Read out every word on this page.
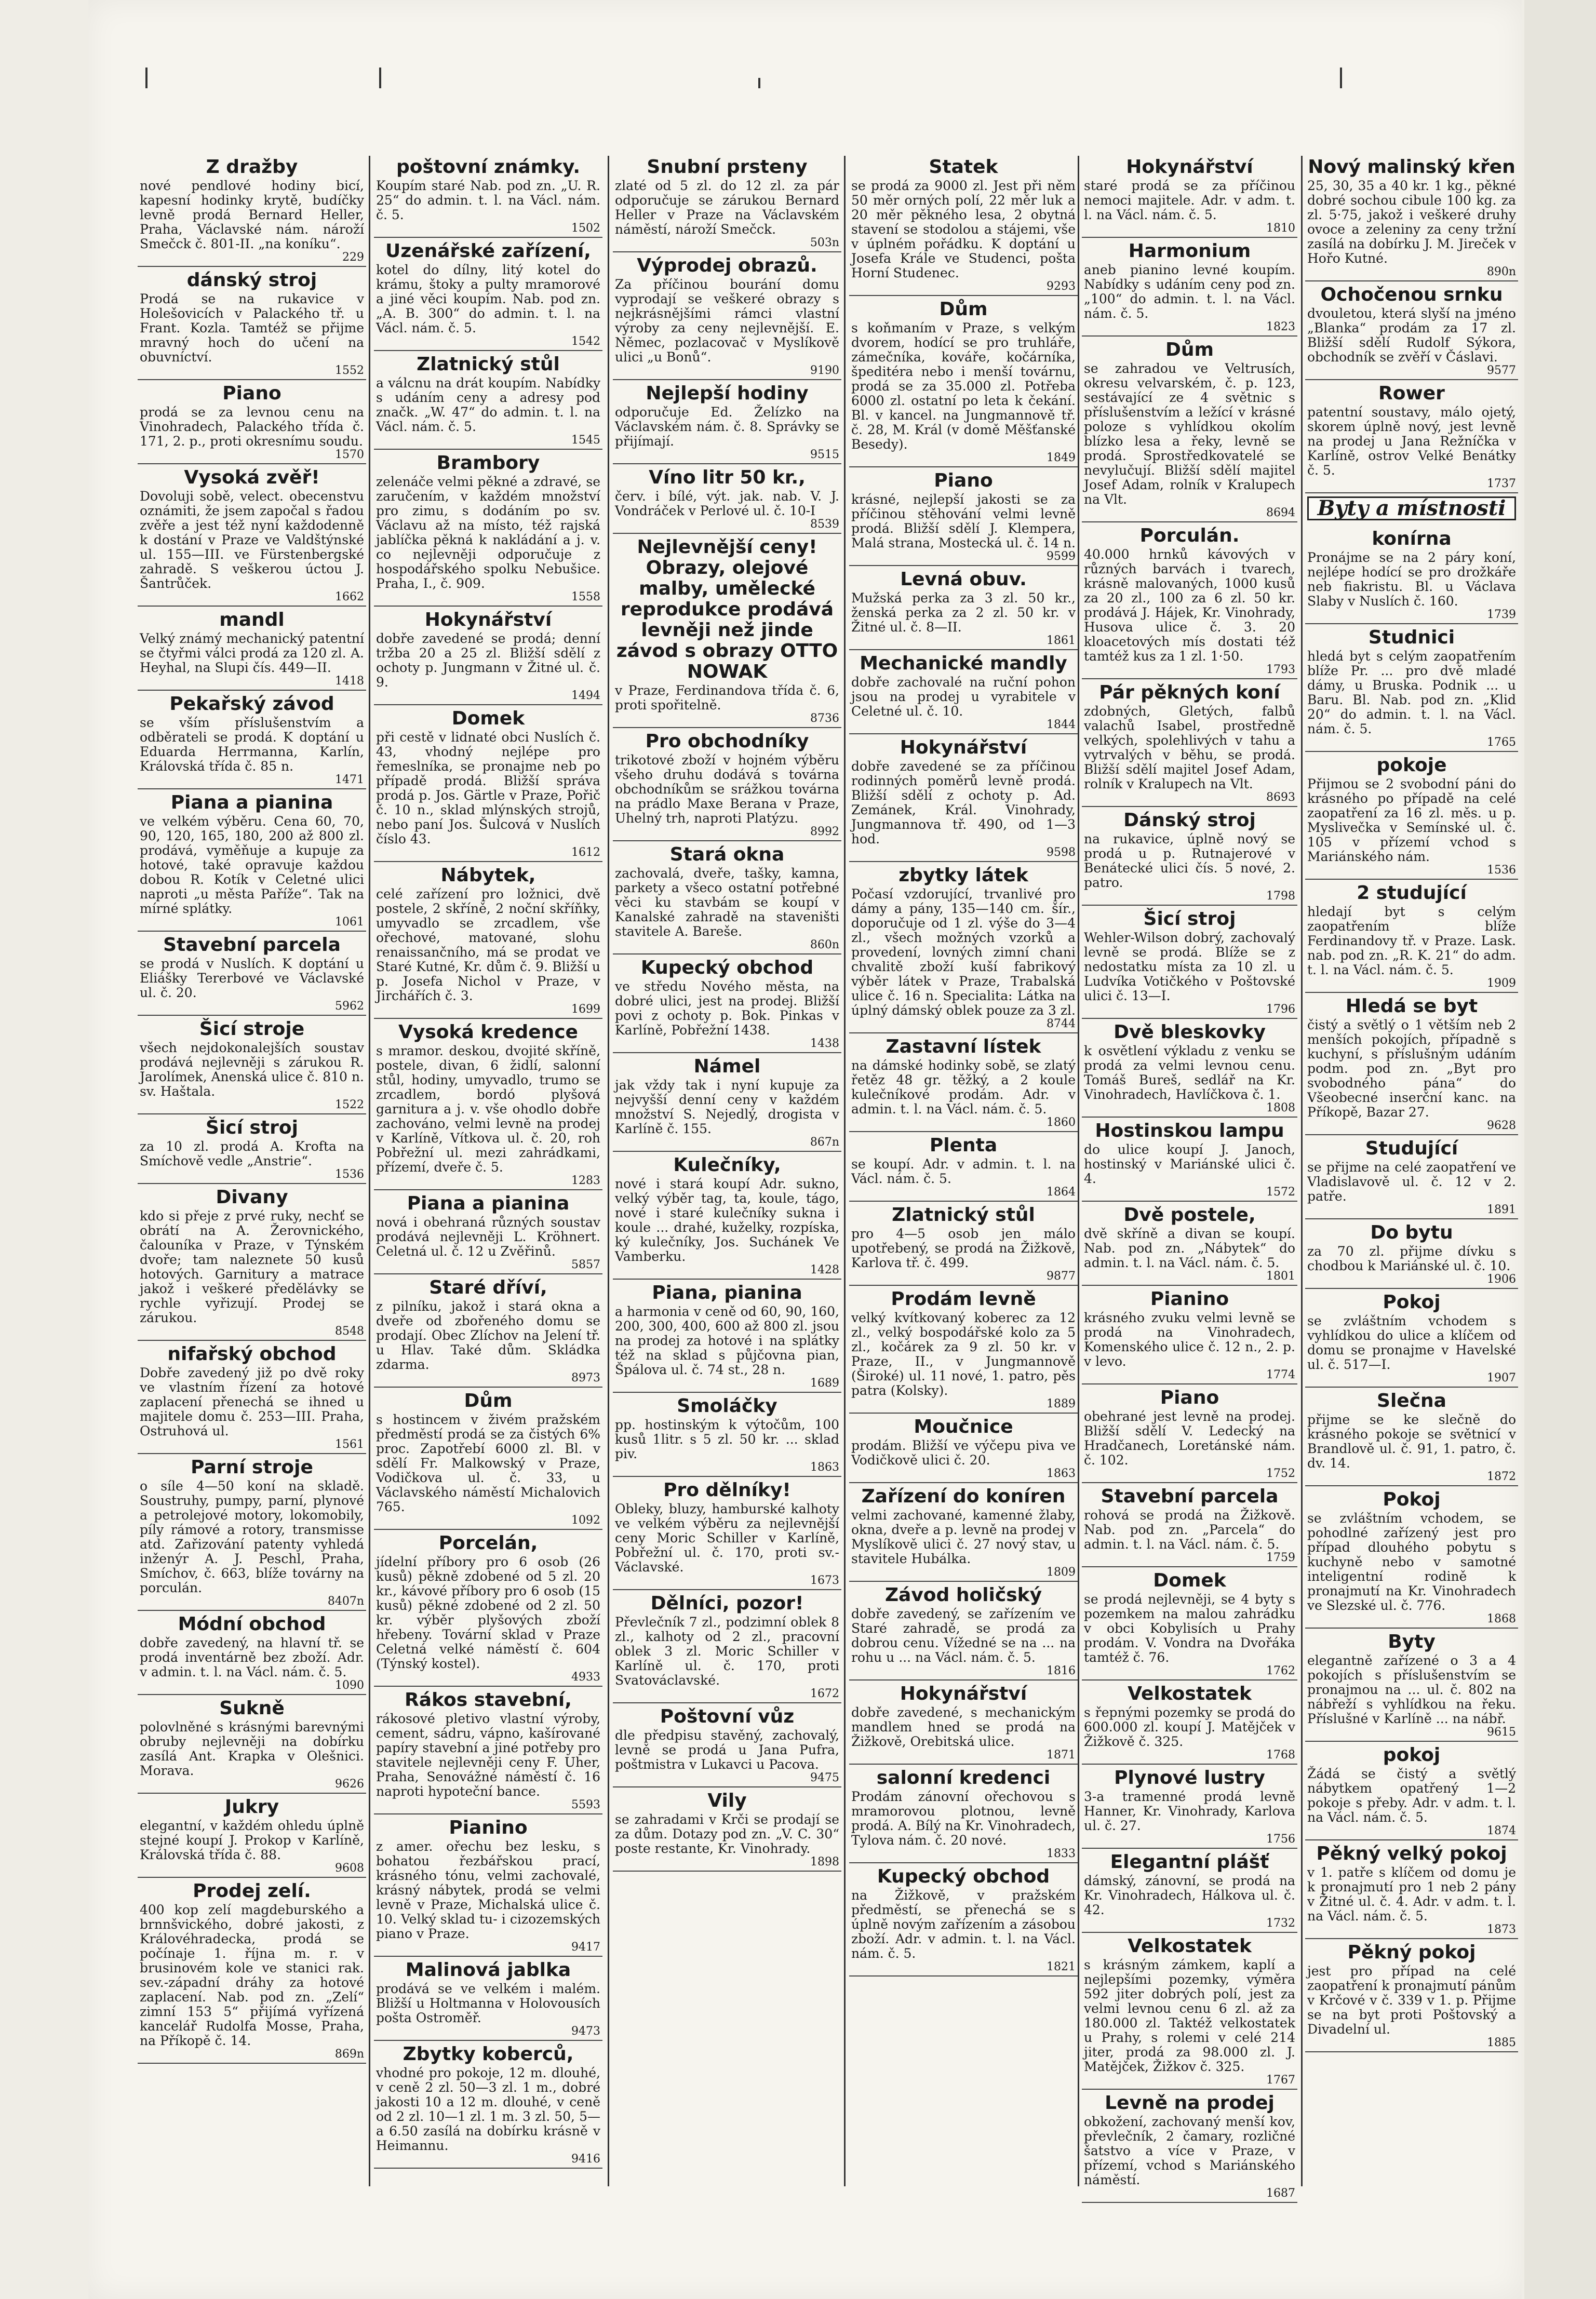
Z dražby
nové pendlové hodiny bicí, kapesní hodinky krytě, budíčky levně prodá Bernard Heller, Praha, Václavské nám. nároží Smečck č. 801-II. „na koníku“.
229
dánský stroj
Prodá se na rukavice v Holešovicích v Palackého tř. u Frant. Kozla. Tamtéž se přijme mravný hoch do učení na obuvníctví.
1552
Piano
prodá se za levnou cenu na Vinohradech, Palackého třída č. 171, 2. p., proti okresnímu soudu.
1570
Vysoká zvěř!
Dovoluji sobě, velect. obecenstvu oznámiti, že jsem započal s řadou zvěře a jest též nyní každodenně k dostání v Praze ve Valdštýnské ul. 155—III. ve Fürstenbergské zahradě. S veškerou úctou J. Šantrůček.
1662
mandl
Velký známý mechanický patentní se čtyřmi válci prodá za 120 zl. A. Heyhal, na Slupi čís. 449—II.
1418
Pekařský závod
se vším příslušenstvím a odběrateli se prodá. K doptání u Eduarda Herrmanna, Karlín, Královská třída č. 85 n.
1471
Piana a pianina
ve velkém výběru. Cena 60, 70, 90, 120, 165, 180, 200 až 800 zl. prodává, vyměňuje a kupuje za hotové, také opravuje každou dobou R. Kotík v Celetné ulici naproti „u města Paříže“. Tak na mírné splátky.
1061
Stavební parcela
se prodá v Nuslích. K doptání u Eliášky Tererbové ve Václavské ul. č. 20.
5962
Šicí stroje
všech nejdokonalejších soustav prodává nejlevněji s zárukou R. Jarolímek, Anenská ulice č. 810 n. sv. Haštala.
1522
Šicí stroj
za 10 zl. prodá A. Krofta na Smíchově vedle „Anstrie“.
1536
Divany
kdo si přeje z prvé ruky, nechť se obrátí na A. Žerovnického, čalouníka v Praze, v Týnském dvoře; tam naleznete 50 kusů hotových. Garnitury a matrace jakož i veškeré předělávky se rychle vyřizují. Prodej se zárukou.
8548
nifařský obchod
Dobře zavedený již po dvě roky ve vlastním řízení za hotové zaplacení přenechá se ihned u majitele domu č. 253—III. Praha, Ostruhová ul.
1561
Parní stroje
o síle 4—50 koní na skladě. Soustruhy, pumpy, parní, plynové a petrolejové motory, lokomobily, píly rámové a rotory, transmisse atd. Zařizování patenty vyhledá inženýr A. J. Peschl, Praha, Smíchov, č. 663, blíže továrny na porculán.
8407n
Módní obchod
dobře zavedený, na hlavní tř. se prodá inventárně bez zboží. Adr. v admin. t. l. na Václ. nám. č. 5.
1090
Sukně
polovlněné s krásnými barevnými obruby nejlevněji na dobírku zasílá Ant. Krapka v Olešnici. Morava.
9626
Jukry
elegantní, v každém ohledu úplně stejné koupí J. Prokop v Karlíně, Královská třída č. 88.
9608
Prodej zelí.
400 kop zelí magdeburského a brnnšvického, dobré jakosti, z Královéhradecka, prodá se počínaje 1. října m. r. v brusinovém kole ve stanici rak. sev.-západní dráhy za hotové zaplacení. Nab. pod zn. „Zelí“ zimní 153 5“ přijímá vyřízená kancelář Rudolfa Mosse, Praha, na Příkopě č. 14.
869n
poštovní známky.
Koupím staré Nab. pod zn. „U. R. 25“ do admin. t. l. na Václ. nám. č. 5.
1502
Uzenářské zařízení,
kotel do dílny, litý kotel do krámu, štoky a pulty mramorové a jiné věci koupím. Nab. pod zn. „A. B. 300“ do admin. t. l. na Václ. nám. č. 5.
1542
Zlatnický stůl
a válcnu na drát koupím. Nabídky s udáním ceny a adresy pod značk. „W. 47“ do admin. t. l. na Václ. nám. č. 5.
1545
Brambory
zelenáče velmi pěkné a zdravé, se zaručením, v každém množství pro zimu, s dodáním po sv. Václavu až na místo, též rajská jablíčka pěkná k nakládání a j. v. co nejlevněji odporučuje z hospodářského spolku Nebušice. Praha, I., č. 909.
1558
Hokynářství
dobře zavedené se prodá; denní tržba 20 a 25 zl. Bližší sdělí z ochoty p. Jungmann v Žitné ul. č. 9.
1494
Domek
při cestě v lidnaté obci Nuslích č. 43, vhodný nejlépe pro řemeslníka, se pronajme neb po případě prodá. Bližší správa prodá p. Jos. Gärtle v Praze, Pořič č. 10 n., sklad mlýnských strojů, nebo paní Jos. Šulcová v Nuslích číslo 43.
1612
Nábytek,
celé zařízení pro ložnici, dvě postele, 2 skříně, 2 noční skříňky, umyvadlo se zrcadlem, vše ořechové, matované, slohu renaissančního, má se prodat ve Staré Kutné, Kr. dům č. 9. Bližší u p. Josefa Nichol v Praze, v Jirchářích č. 3.
1699
Vysoká kredence
s mramor. deskou, dvojité skříně, postele, divan, 6 židlí, salonní stůl, hodiny, umyvadlo, trumo se zrcadlem, bordó plyšová garnitura a j. v. vše ohodlo dobře zachováno, velmi levně na prodej v Karlíně, Vítkova ul. č. 20, roh Pobřežní ul. mezi zahrádkami, přízemí, dveře č. 5.
1283
Piana a pianina
nová i obehraná různých soustav prodává nejlevněji L. Kröhnert. Celetná ul. č. 12 u Zvěřinů.
5857
Staré dříví,
z pilníku, jakož i stará okna a dveře od zbořeného domu se prodají. Obec Zlíchov na Jelení tř. u Hlav. Také dům. Skládka zdarma.
8973
Dům
s hostincem v živém pražském předměstí prodá se za čistých 6% proc. Zapotřebí 6000 zl. Bl. v sdělí Fr. Malkowský v Praze, Vodičkova ul. č. 33, u Václavského náměstí Michalovich 765.
1092
Porcelán,
jídelní příbory pro 6 osob (26 kusů) pěkně zdobené od 5 zl. 20 kr., kávové příbory pro 6 osob (15 kusů) pěkné zdobené od 2 zl. 50 kr. výběr plyšových zboží hřebeny. Tovární sklad v Praze Celetná velké náměstí č. 604 (Týnský kostel).
4933
Rákos stavební,
rákosové pletivo vlastní výroby, cement, sádru, vápno, kašírované papíry stavební a jiné potřeby pro stavitele nejlevněji ceny F. Uher, Praha, Senovážné náměstí č. 16 naproti hypoteční bance.
5593
Pianino
z amer. ořechu bez lesku, s bohatou řezbářskou prací, krásného tónu, velmi zachovalé, krásný nábytek, prodá se velmi levně v Praze, Michalská ulice č. 10. Velký sklad tu- i cizozemských piano v Praze.
9417
Malinová jablka
prodává se ve velkém i malém. Bližší u Holtmanna v Holovousích pošta Ostroměř.
9473
Zbytky koberců,
vhodné pro pokoje, 12 m. dlouhé, v ceně 2 zl. 50—3 zl. 1 m., dobré jakosti 10 a 12 m. dlouhé, v ceně od 2 zl. 10—1 zl. 1 m. 3 zl. 50, 5— a 6.50 zasílá na dobírku krásně v Heimannu.
9416
Snubní prsteny
zlaté od 5 zl. do 12 zl. za pár odporučuje se zárukou Bernard Heller v Praze na Václavském náměstí, nároží Smečck.
503n
Výprodej obrazů.
Za příčinou bourání domu vyprodají se veškeré obrazy s nejkrásnějšími rámci vlastní výroby za ceny nejlevnější. E. Němec, pozlacovač v Myslíkově ulici „u Bonů“.
9190
Nejlepší hodiny
odporučuje Ed. Želízko na Václavském nám. č. 8. Správky se přijímají.
9515
Víno litr 50 kr.,
červ. i bílé, výt. jak. nab. V. J. Vondráček v Perlové ul. č. 10-I
8539
Nejlevnější ceny! Obrazy, olejové malby, umělecké reprodukce prodává levněji než jinde závod s obrazy OTTO NOWAK
v Praze, Ferdinandova třída č. 6, proti spořitelně.
8736
Pro obchodníky
trikotové zboží v hojném výběru všeho druhu dodává s továrna obchodníkům se srážkou továrna na prádlo Maxe Berana v Praze, Uhelný trh, naproti Platýzu.
8992
Stará okna
zachovalá, dveře, tašky, kamna, parkety a všeco ostatní potřebné věci ku stavbám se koupí v Kanalské zahradě na staveništi stavitele A. Bareše.
860n
Kupecký obchod
ve středu Nového města, na dobré ulici, jest na prodej. Bližší povi z ochoty p. Bok. Pinkas v Karlíně, Pobřežní 1438.
1438
Námel
jak vždy tak i nyní kupuje za nejvyšší denní ceny v každém množství S. Nejedlý, drogista v Karlíně č. 155.
867n
Kulečníky,
nové i stará koupí Adr. sukno, velký výběr tag, ta, koule, tágo, nové i staré kulečníky sukna i koule ... drahé, kuželky, rozpíska, ký kulečníky, Jos. Suchánek Ve Vamberku.
1428
Piana, pianina
a harmonia v ceně od 60, 90, 160, 200, 300, 400, 600 až 800 zl. jsou na prodej za hotové i na splátky též na sklad s půjčovna pian, Špálova ul. č. 74 st., 28 n.
1689
Smoláčky
pp. hostinským k výtočům, 100 kusů 1litr. s 5 zl. 50 kr. ... sklad piv.
1863
Pro dělníky!
Obleky, bluzy, hamburské kalhoty ve velkém výběru za nejlevnější ceny Moric Schiller v Karlíně, Pobřežní ul. č. 170, proti sv.-Václavské.
1673
Dělníci, pozor!
Převlečník 7 zl., podzimní oblek 8 zl., kalhoty od 2 zl., pracovní oblek 3 zl. Moric Schiller v Karlíně ul. č. 170, proti Svatováclavské.
1672
Poštovní vůz
dle předpisu stavěný, zachovalý, levně se prodá u Jana Pufra, poštmistra v Lukavci u Pacova.
9475
Vily
se zahradami v Krči se prodají se za dům. Dotazy pod zn. „V. C. 30“ poste restante, Kr. Vinohrady.
1898
Statek
se prodá za 9000 zl. Jest při něm 50 měr orných polí, 22 měr luk a 20 měr pěkného lesa, 2 obytná stavení se stodolou a stájemi, vše v úplném pořádku. K doptání u Josefa Krále ve Studenci, pošta Horní Studenec.
9293
Dům
s koňmaním v Praze, s velkým dvorem, hodící se pro truhláře, zámečníka, kováře, kočárníka, špeditéra nebo i menší továrnu, prodá se za 35.000 zl. Potřeba 6000 zl. ostatní po leta k čekání. Bl. v kancel. na Jungmannově tř. č. 28, M. Král (v domě Měšťanské Besedy).
1849
Piano
krásné, nejlepší jakosti se za příčinou stěhování velmi levně prodá. Bližší sdělí J. Klempera, Malá strana, Mostecká ul. č. 14 n.
9599
Levná obuv.
Mužská perka za 3 zl. 50 kr., ženská perka za 2 zl. 50 kr. v Žitné ul. č. 8—II.
1861
Mechanické mandly
dobře zachovalé na ruční pohon jsou na prodej u vyrabitele v Celetné ul. č. 10.
1844
Hokynářství
dobře zavedené se za příčinou rodinných poměrů levně prodá. Bližší sdělí z ochoty p. Ad. Zemánek, Král. Vinohrady, Jungmannova tř. 490, od 1—3 hod.
9598
zbytky látek
Počasí vzdorující, trvanlivé pro dámy a pány, 135—140 cm. šír., doporučuje od 1 zl. výše do 3—4 zl., všech možných vzorků a provedení, lovných zimní chani chvalitě zboží kuší fabrikový výběr látek v Praze, Trabalská ulice č. 16 n. Specialita: Látka na úplný dámský oblek pouze za 3 zl.
8744
Zastavní lístek
na dámské hodinky sobě, se zlatý řetěz 48 gr. těžký, a 2 koule kulečníkové prodám. Adr. v admin. t. l. na Václ. nám. č. 5.
1860
Plenta
se koupí. Adr. v admin. t. l. na Václ. nám. č. 5.
1864
Zlatnický stůl
pro 4—5 osob jen málo upotřebený, se prodá na Žižkově, Karlova tř. č. 499.
9877
Prodám levně
velký kvítkovaný koberec za 12 zl., velký bospodářské kolo za 5 zl., kočárek za 9 zl. 50 kr. v Praze, II., v Jungmannově (Široké) ul. 11 nové, 1. patro, pěs patra (Kolsky).
1889
Moučnice
prodám. Bližší ve výčepu piva ve Vodičkově ulici č. 20.
1863
Zařízení do koníren
velmi zachované, kamenné žlaby, okna, dveře a p. levně na prodej v Myslíkově ulici č. 27 nový stav, u stavitele Hubálka.
1809
Závod holičský
dobře zavedený, se zařízením ve Staré zahradě, se prodá za dobrou cenu. Vížedné se na ... na rohu u ... na Václ. nám. č. 5.
1816
Hokynářství
dobře zavedené, s mechanickým mandlem hned se prodá na Žižkově, Orebitská ulice.
1871
salonní kredenci
Prodám zánovní ořechovou s mramorovou plotnou, levně prodá. A. Bílý na Kr. Vinohradech, Tylova nám. č. 20 nové.
1833
Kupecký obchod
na Žižkově, v pražském předměstí, se přenechá se s úplně novým zařízením a zásobou zboží. Adr. v admin. t. l. na Václ. nám. č. 5.
1821
Hokynářství
staré prodá se za příčinou nemoci majitele. Adr. v adm. t. l. na Václ. nám. č. 5.
1810
Harmonium
aneb pianino levné koupím. Nabídky s udáním ceny pod zn. „100“ do admin. t. l. na Václ. nám. č. 5.
1823
Dům
se zahradou ve Veltrusích, okresu velvarském, č. p. 123, sestávající ze 4 světnic s příslušenstvím a ležící v krásné poloze s vyhlídkou okolím blízko lesa a řeky, levně se prodá. Sprostředkovatelé se nevylučují. Bližší sdělí majitel Josef Adam, rolník v Kralupech na Vlt.
8694
Porculán.
40.000 hrnků kávových v různých barvách i tvarech, krásně malovaných, 1000 kusů za 20 zl., 100 za 6 zl. 50 kr. prodává J. Hájek, Kr. Vinohrady, Husova ulice č. 3. 20 kloacetových mís dostati též tamtéž kus za 1 zl. 1·50.
1793
Pár pěkných koní
zdobných, Gletých, falbů valachů Isabel, prostředně velkých, spolehlivých v tahu a vytrvalých v běhu, se prodá. Bližší sdělí majitel Josef Adam, rolník v Kralupech na Vlt.
8693
Dánský stroj
na rukavice, úplně nový se prodá u p. Rutnajerové v Benátecké ulici čís. 5 nové, 2. patro.
1798
Šicí stroj
Wehler-Wilson dobrý, zachovalý levně se prodá. Blíže se z nedostatku místa za 10 zl. u Ludvíka Votičkého v Poštovské ulici č. 13—I.
1796
Dvě bleskovky
k osvětlení výkladu z venku se prodá za velmi levnou cenu. Tomáš Bureš, sedlář na Kr. Vinohradech, Havlíčkova č. 1.
1808
Hostinskou lampu
do ulice koupí J. Janoch, hostinský v Mariánské ulici č. 4.
1572
Dvě postele,
dvě skříně a divan se koupí. Nab. pod zn. „Nábytek“ do admin. t. l. na Václ. nám. č. 5.
1801
Pianino
krásného zvuku velmi levně se prodá na Vinohradech, Komenského ulice č. 12 n., 2. p. v levo.
1774
Piano
obehrané jest levně na prodej. Bližší sdělí V. Ledecký na Hradčanech, Loretánské nám. č. 102.
1752
Stavební parcela
rohová se prodá na Žižkově. Nab. pod zn. „Parcela“ do admin. t. l. na Václ. nám. č. 5.
1759
Domek
se prodá nejlevněji, se 4 byty s pozemkem na malou zahrádku v obci Kobylisích u Prahy prodám. V. Vondra na Dvořáka tamtéž č. 76.
1762
Velkostatek
s řepnými pozemky se prodá do 600.000 zl. koupí J. Matějček v Žižkově č. 325.
1768
Plynové lustry
3-a tramenné prodá levně Hanner, Kr. Vinohrady, Karlova ul. č. 27.
1756
Elegantní plášť
dámský, zánovní, se prodá na Kr. Vinohradech, Hálkova ul. č. 42.
1732
Velkostatek
s krásným zámkem, kaplí a nejlepšími pozemky, výměra 592 jiter dobrých polí, jest za velmi levnou cenu 6 zl. až za 180.000 zl. Taktéž velkostatek u Prahy, s rolemi v celé 214 jiter, prodá za 98.000 zl. J. Matějček, Žižkov č. 325.
1767
Levně na prodej
obkožení, zachovaný menší kov, převlečník, 2 čamary, rozličné šatstvo a více v Praze, v přízemí, vchod s Mariánského náměstí.
1687
Nový malinský křen
25, 30, 35 a 40 kr. 1 kg., pěkné dobré sochou cibule 100 kg. za zl. 5·75, jakož i veškeré druhy ovoce a zeleniny za ceny tržní zasílá na dobírku J. M. Jireček v Hořo Kutné.
890n
Ochočenou srnku
dvouletou, která slyší na jméno „Blanka“ prodám za 17 zl. Bližší sdělí Rudolf Sýkora, obchodník se zvěří v Čáslavi.
9577
Rower
patentní soustavy, málo ojetý, skorem úplně nový, jest levně na prodej u Jana Režníčka v Karlíně, ostrov Velké Benátky č. 5.
1737
Byty a místnosti
konírna
Pronájme se na 2 páry koní, nejlépe hodící se pro drožkáře neb fiakristu. Bl. u Václava Slaby v Nuslích č. 160.
1739
Studnici
hledá byt s celým zaopatřením blíže Pr. ... pro dvě mladé dámy, u Bruska. Podnik ... u Baru. Bl. Nab. pod zn. „Klid 20“ do admin. t. l. na Václ. nám. č. 5.
1765
pokoje
Přijmou se 2 svobodní páni do krásného po případě na celé zaopatření za 16 zl. měs. u p. Myslivečka v Semínské ul. č. 105 v přízemí vchod s Mariánského nám.
1536
2 studující
hledají byt s celým zaopatřením blíže Ferdinandovy tř. v Praze. Lask. nab. pod zn. „R. K. 21“ do adm. t. l. na Václ. nám. č. 5.
1909
Hledá se byt
čistý a světlý o 1 větším neb 2 menších pokojích, případně s kuchyní, s příslušným udáním podm. pod zn. „Byt pro svobodného pána“ do Všeobecné inserční kanc. na Příkopě, Bazar 27.
9628
Studující
se přijme na celé zaopatření ve Vladislavově ul. č. 12 v 2. patře.
1891
Do bytu
za 70 zl. přijme dívku s chodbou k Mariánské ul. č. 10.
1906
Pokoj
se zvláštním vchodem s vyhlídkou do ulice a klíčem od domu se pronajme v Havelské ul. č. 517—I.
1907
Slečna
přijme se ke slečně do krásného pokoje se světnicí v Brandlově ul. č. 91, 1. patro, č. dv. 14.
1872
Pokoj
se zvláštním vchodem, se pohodlné zařízený jest pro případ dlouhého pobytu s kuchyně nebo v samotné inteligentní rodině k pronajmutí na Kr. Vinohradech ve Slezské ul. č. 776.
1868
Byty
elegantně zařízené o 3 a 4 pokojích s příslušenstvím se pronajmou na ... ul. č. 802 na nábřeží s vyhlídkou na řeku. Příslušné v Karlíně ... na nábř.
9615
pokoj
Žádá se čistý a světlý nábytkem opatřený 1—2 pokoje s přeby. Adr. v adm. t. l. na Václ. nám. č. 5.
1874
Pěkný velký pokoj
v 1. patře s klíčem od domu je k pronajmutí pro 1 neb 2 pány v Žitné ul. č. 4. Adr. v adm. t. l. na Václ. nám. č. 5.
1873
Pěkný pokoj
jest pro případ na celé zaopatření k pronajmutí pánům v Krčové v č. 339 v 1. p. Přijme se na byt proti Poštovský a Divadelní ul.
1885
